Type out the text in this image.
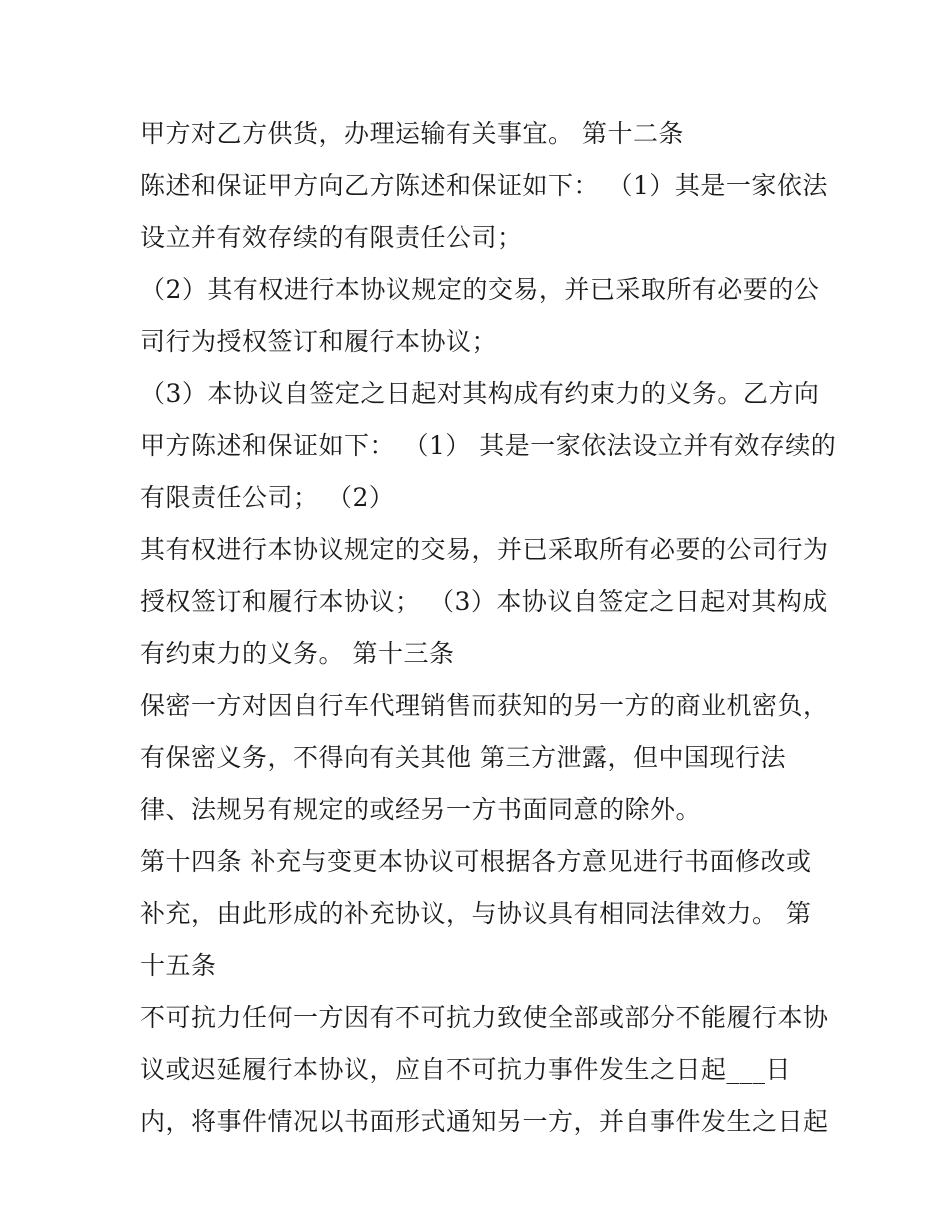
甲方对乙方供货，办理运输有关事宜。 第十二条
陈述和保证甲方向乙方陈述和保证如下： （1）其是一家依法
设立并有效存续的有限责任公司；
（2）其有权进行本协议规定的交易，并已采取所有必要的公
司行为授权签订和履行本协议；
（3）本协议自签定之日起对其构成有约束力的义务。乙方向
甲方陈述和保证如下： （1） 其是一家依法设立并有效存续的
有限责任公司； （2）
其有权进行本协议规定的交易，并已采取所有必要的公司行为
授权签订和履行本协议； （3）本协议自签定之日起对其构成
有约束力的义务。 第十三条
保密一方对因自行车代理销售而获知的另一方的商业机密负，
有保密义务，不得向有关其他 第三方泄露，但中国现行法
律、法规另有规定的或经另一方书面同意的除外。
第十四条 补充与变更本协议可根据各方意见进行书面修改或
补充，由此形成的补充协议，与协议具有相同法律效力。 第
十五条
不可抗力任何一方因有不可抗力致使全部或部分不能履行本协
议或迟延履行本协议，应自不可抗力事件发生之日起___日
内，将事件情况以书面形式通知另一方，并自事件发生之日起
